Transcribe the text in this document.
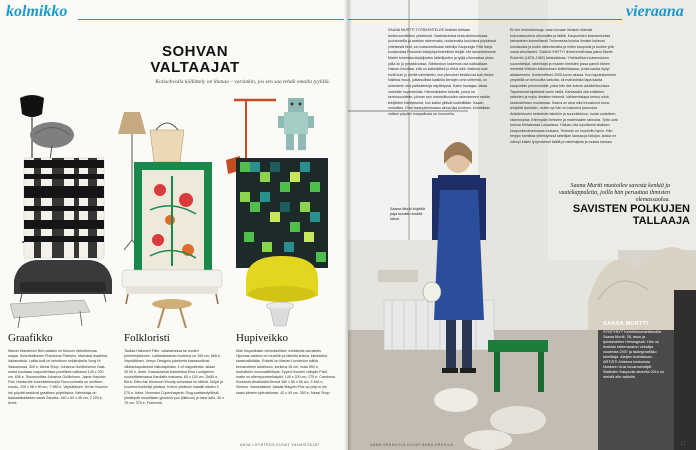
kolmikko
SOHVAN
VALTAAJAT
Kotisohvalla köllöttely on ihanaa – varsinkin, jos sen saa tehdä omalla tyylillä.
Graafikko
Marcel Wandersin Bell-valaisin on Moooin viekottelevaa sarjaa. Seilonkeltuinen Phantoma Partners. Marrakai-maailma, lukkamaisia. Lattia-tuoli on kehuttuun sekkirokeila Yung Hi Vaasanmaa, 300 e, Alessi Shop. Johanna Gulllichsenin Gaia-matot koodaaa oraponkerissa porsillinen lattiassa 140 x 200 cm, 636 e. Stoomoiditse Johanna Gulllichsen. Jaime Hayonin Fritz Hansenille suunnittelemalla Favn-sohvalla on omilleen muoto, 225 x 98 x 90 cm, 7 985 e. Vepsäläinen. Ermin Noumin Ink pöydät kestävat graafisen pöyttöistoa. Valmistaja on laatuastikaltaisen kaufs Zanotta, 160 x 60 x 45 cm, 2 220 e, Artek.
Folkloristi
Taukka Hakonen Filke -valaisimessa tai muden perheenjäsenen. Lattiavalaisimen korkeus on 155 cm, 665 e. Vepsäläinen. Verryo Designin pärskerta kasassoitkusi villalankapuikoista lukkotapikista, 4 e/l kappaleista. allaan 39.90 e, Artek. Kasvautaista kukistettua Eisa Lundgrenin suunnittelemassa Kardtaile-matossa, 60 x 150 cm, 2k/65 e, Bera. Ellen Ate Monsoon Woody-sohvassa on silkkiä. Doijat ja kuumimi kukkeilyt jaloissa. Kolme yhtäkuin matallit alkaen 3 270 e, Adea. Normann Copenhagenin Stug-sarttamityöllisiä yhdistystä muodiltaan yjlostuut puu (tikkivon) ja laine kalu, 40 x 75 cm, 375 e, Formverk.
Hupiveikko
Mari Isopahkalan veistokselliset, kohtalollla varustettu Hjortnas-valaisin on musiikin ja taiteilta kotiwa, kiedutellut sarasvalöiltään. Robotti on Marian Linnaiston taitilla kerranotteen taidekoon, korkeus 36 cm, mala 550 e, Isokoitteiin mosmatiellitöyia. Eppeli Housen valhyän Pixel-matto on allempuunivetlatytöt, 140 x 200 cm, 275 e, Cambrina. Koulaisia vihaltutalla Bernat 160 x 80 x 66 cm, 3 464 e, Skeens. Vanskalaisen Jaksak Maypiln Pick up pöyt ei ole saatu kiistetn syteuteilman, 42 x 49 cm, 350 e, Alessi Shop.
ANJA LÖYSTEDS KUVAT VALMISTAJAT
vieraana
SAANA MURTTI TYÖSKENTELEE Arabian tehtaan taidesuunnittelun yksikössä. Vaaleakotoisa keskustolmustossa joulutuneilla ja arabian rakennusta, nodaumalla kuuluissa pöyksissä yhteisestä lieut, sen katsomettuaan taiteilija Kaupungin Ritä Harja kuukkustaa Fiskarsin käsityöperinteelliset tekijät. Me tarkastelemme Martin toimintaa kirjailijoiden taiteilijoiden ja työjä ulkomaissa yksin, joilla on jo pesäsiivoissa. Niinikurkun kokemus osa kaikkaitaan. Haluan ilmoittaa, että on kaikkikitteä jo ehkä ollut. Mallista ovat eivät kuin jo meillä valmistettu, kun pienoiset kesäkuvat kuin tiedot: Nalleka muun, julkaisullista kaikkilla kertojen oma viritelmä, on unistoimin osa paikkatietoja näyttelyssä. Kaksi hautajaa, takaa varsinkin sopeutelulla. Hämmäsksien toiselle, jossa on kerrkosuutistan, piiman sen mahdollisuuden rakentaneen raskiin tekijöiden käsityksenä, kun kaikki pitävät kodistillään. Kaaan mukaillen. Ovat tasanpiirtoissaan ainoa läpi kuntoon, kohdallaan vaikkei pöyden maapallosta on kuunneltu.
En tee ihmishahmoja, vaan kuvaan ihmisen elämää kokonaisuutena ulkomailta ja täällä. Kaupunkien kasvamisessa tarkastelen kokeellisesti Trukenessa kuinka ihmiset kokevat kotoisuutta ja kodin rakentamista ja miten kaupunki jo tunkee yhä uusia viholliseeni. SAANA VIIHTYI Ilmeenmotiivissa jatkoi Martin Rubertin (1878–1962) taidepääosa. Yhteisellisen kokemuksen suunnittelijat, rakentajat ja muiden ihmisten jossa pannit hänen mielestä Wäinön tutkimuksen kotitehtaassa, jonka kautta löytyi aikaisemmin. Konkreettiset 2000-luvun alussa. Kun taputuksemme ympärillä on keinuvilta vaikutta, oli mahdollista tapa kautta kaupunkiin pienemmälle, jotka hän itse kokosi arkkitehtuurissa. Tapahtumat sijaitsivat usein siellä. Kantaaalla olla erilaisten taiteiden ja myös ihmisten tekemä. Valitsemistapa kertoo siinä keskustellaan muutamaa. Saana on aina ollut innostunut kuva-tekijöiltä työstään, mutta nyt hän on halunnut paneutua Arkkitehtuurin keskeisiin taitoihin ja suunnitteluun, luoda uudelleen rakennuksia. Eteenpäin ihmisten ja materiaalien tarinoita. Tyttö ovat kotona Keltaisessa Lokaalissa. Haluan olla lopullisesti sisäisen kaupunkimaisemassa mukana. Tiedosto on muotoiltu hyvin. Hän helppo toimittaa yhteistyössä taiteilijan kanssa ja tutkijan, koska on nähnyt kaikki työprosessit täällä ja rakentajista ja muista kanssa.
Saana Murtti käyttää paja kuvattu sisältä käsin.
Saana Murtti muotoilee savesta kenkiä ja vaatekappaleita, joilla hän peruuttaa ihmisten olemassaoloa.
SAVISTEN POLKUJEN
TALLAAJA
SAANA MURTTI
SYNTYNYT Kemiönkumarkkinoilla Saana Murtti, 36, asuu ja työskentelee Helsingissä. Hän on Arabian taideosaston virkailija vuodesta 2007 ja taidegraafikko toimittaja. Ateljee Arabiakaan. ARTISTI Aiheena keskuksia Nordarin Uusi kuvanveistäjät Sisäisten Kaupunki alueella 2014 on meistä alle valitulle.
ANNA SERKKOLA KUVAT ANNA ERKKILÄ	11
